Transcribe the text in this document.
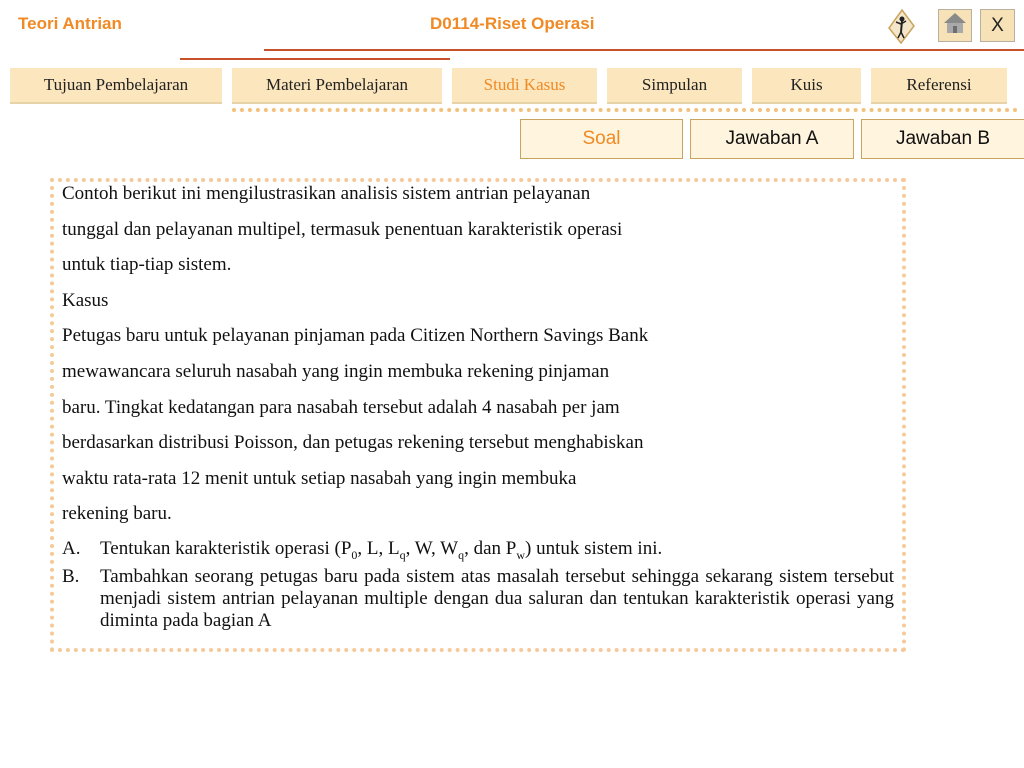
Teori Antrian	D0114-Riset Operasi	X
Tujuan Pembelajaran	Materi Pembelajaran	Studi Kasus	Simpulan	Kuis	Referensi
Soal	Jawaban A	Jawaban B
Contoh berikut ini mengilustrasikan analisis sistem antrian pelayanan
tunggal dan pelayanan multipel, termasuk penentuan karakteristik operasi
untuk tiap-tiap sistem.
Kasus
Petugas baru untuk pelayanan pinjaman pada Citizen Northern Savings Bank
mewawancara seluruh nasabah yang ingin membuka rekening pinjaman
baru. Tingkat kedatangan para nasabah tersebut adalah 4 nasabah per jam
berdasarkan distribusi Poisson, dan petugas rekening tersebut menghabiskan
waktu rata-rata 12 menit untuk setiap nasabah yang ingin membuka
rekening baru.
A.	Tentukan karakteristik operasi ($P_0$, L, $L_q$, W, $W_q$, dan $P_w$) untuk sistem ini.
B.	Tambahkan seorang petugas baru pada sistem atas masalah tersebut sehingga sekarang sistem tersebut menjadi sistem antrian pelayanan multiple dengan dua saluran dan tentukan karakteristik operasi yang diminta pada bagian A
